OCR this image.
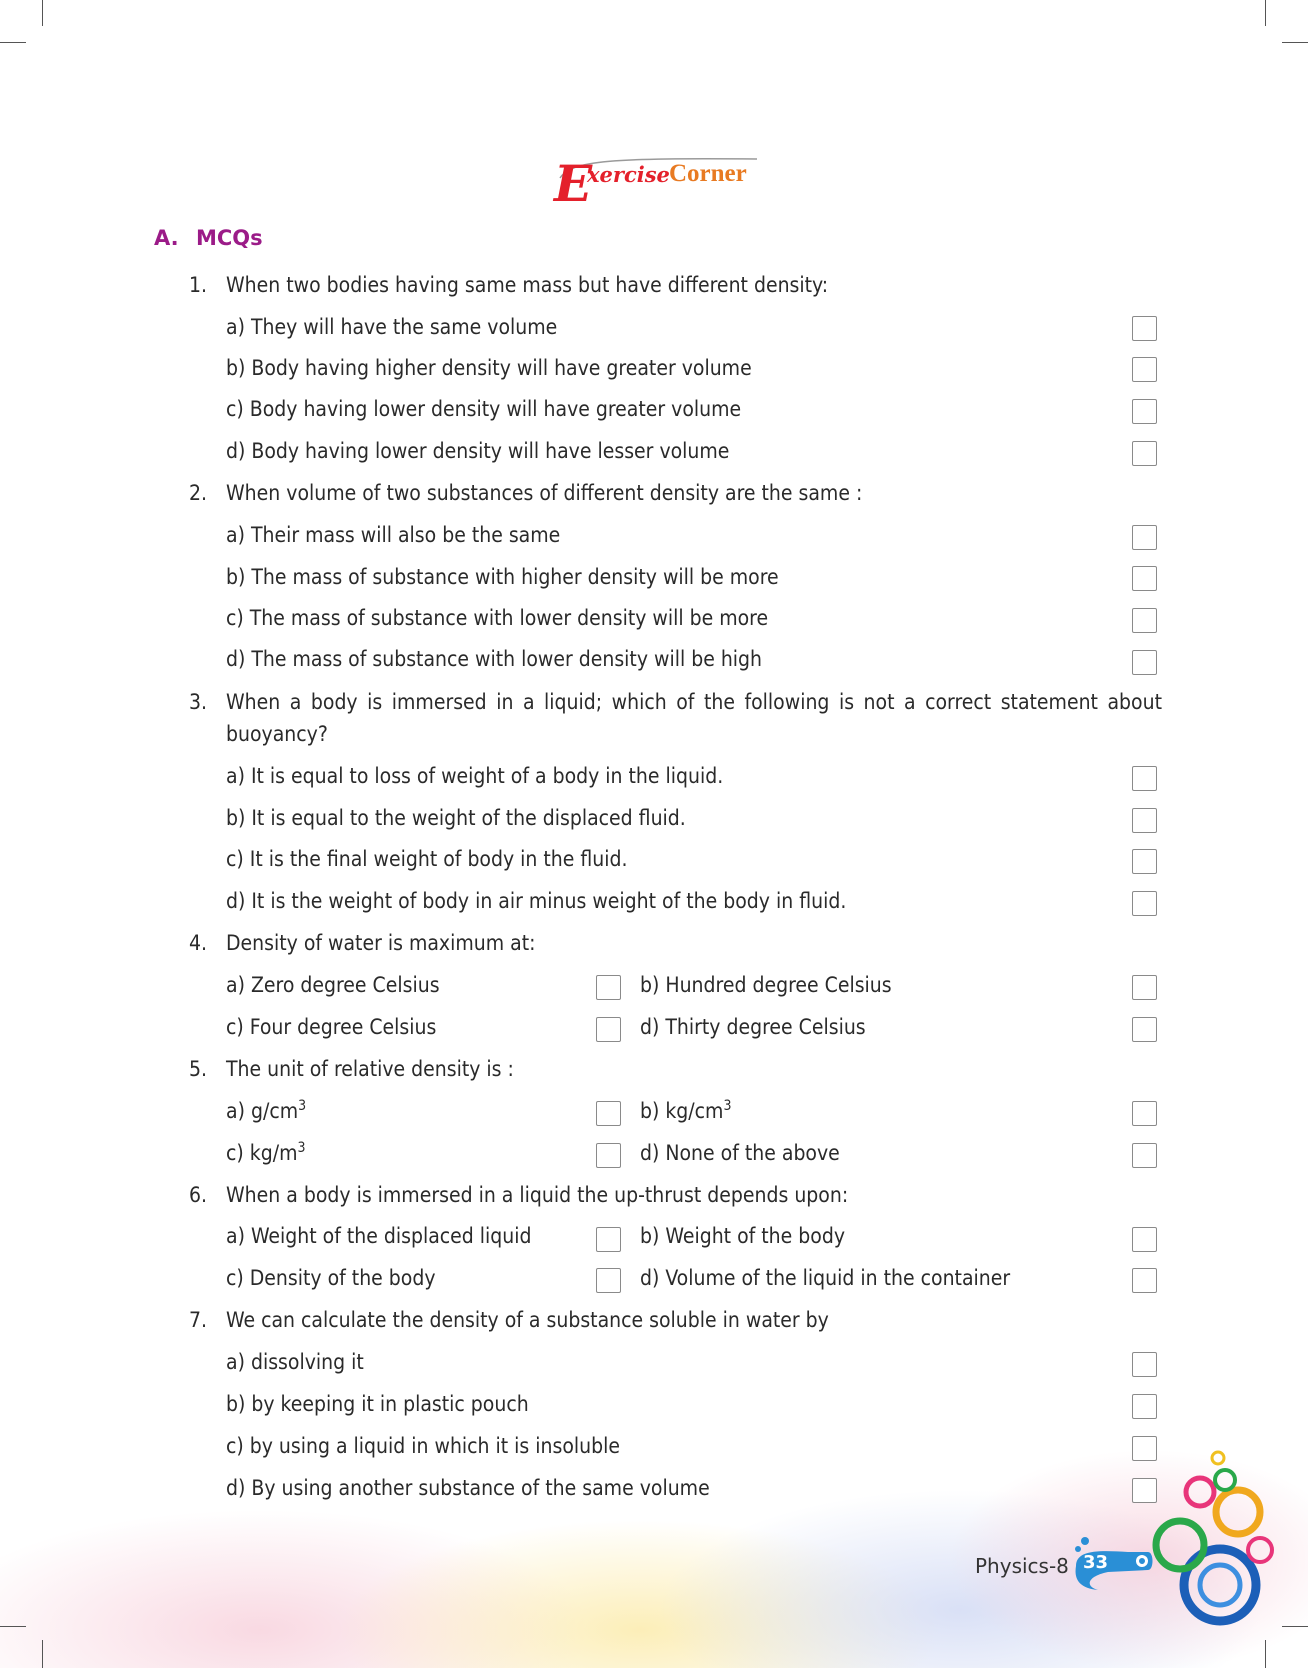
E
xercise Corner
A. MCQs
1. When two bodies having same mass but have different density:
a) They will have the same volume
b) Body having higher density will have greater volume
c) Body having lower density will have greater volume
d) Body having lower density will have lesser volume
2. When volume of two substances of different density are the same :
a) Their mass will also be the same
b) The mass of substance with higher density will be more
c) The mass of substance with lower density will be more
d) The mass of substance with lower density will be high
3. When a body is immersed in a liquid; which of the following is not a correct statement about
buoyancy?
a) It is equal to loss of weight of a body in the liquid.
b) It is equal to the weight of the displaced fluid.
c) It is the final weight of body in the fluid.
d) It is the weight of body in air minus weight of the body in fluid.
4. Density of water is maximum at:
a) Zero degree Celsius	b) Hundred degree Celsius
c) Four degree Celsius	d) Thirty degree Celsius
5. The unit of relative density is :
a) $g/cm^3$	b) $kg/cm^3$
c) $kg/m^3$	d) None of the above
6. When a body is immersed in a liquid the up-thrust depends upon:
a) Weight of the displaced liquid	b) Weight of the body
c) Density of the body	d) Volume of the liquid in the container
7. We can calculate the density of a substance soluble in water by
a) dissolving it
b) by keeping it in plastic pouch
c) by using a liquid in which it is insoluble
d) By using another substance of the same volume
Physics-8 33
